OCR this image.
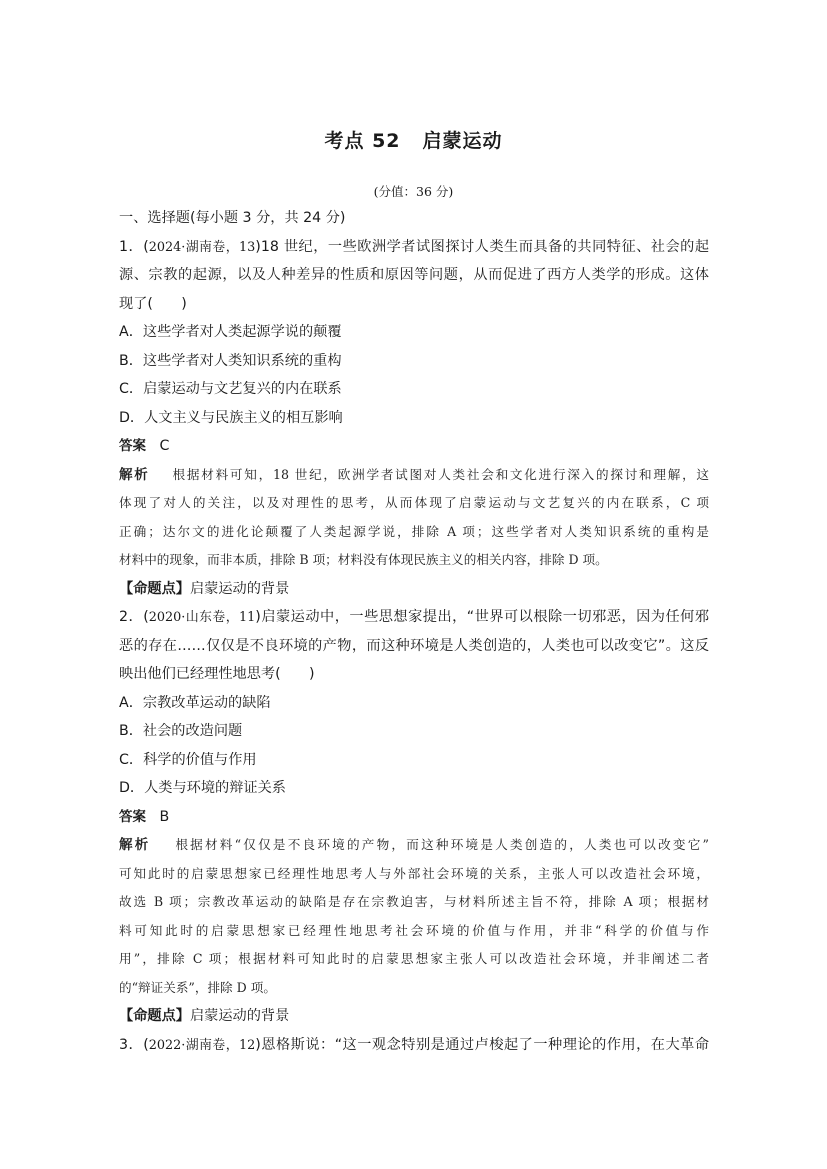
考点 52 启蒙运动
(分值：36 分)
一、选择题(每小题 3 分，共 24 分)
1．(2024·湖南卷，13)18 世纪，一些欧洲学者试图探讨人类生而具备的共同特征、社会的起
源、宗教的起源，以及人种差异的性质和原因等问题，从而促进了西方人类学的形成。这体
现了(　　)
A．这些学者对人类起源学说的颠覆
B．这些学者对人类知识系统的重构
C．启蒙运动与文艺复兴的内在联系
D．人文主义与民族主义的相互影响
答案 C
解析 根据材料可知，18 世纪，欧洲学者试图对人类社会和文化进行深入的探讨和理解，这
体现了对人的关注，以及对理性的思考，从而体现了启蒙运动与文艺复兴的内在联系，C 项
正确；达尔文的进化论颠覆了人类起源学说，排除 A 项；这些学者对人类知识系统的重构是
材料中的现象，而非本质，排除 B 项；材料没有体现民族主义的相关内容，排除 D 项。
【命题点】启蒙运动的背景
2．(2020·山东卷，11)启蒙运动中，一些思想家提出，“世界可以根除一切邪恶，因为任何邪
恶的存在……仅仅是不良环境的产物，而这种环境是人类创造的，人类也可以改变它”。这反
映出他们已经理性地思考(　　)
A．宗教改革运动的缺陷
B．社会的改造问题
C．科学的价值与作用
D．人类与环境的辩证关系
答案 B
解析 根据材料“仅仅是不良环境的产物，而这种环境是人类创造的，人类也可以改变它”
可知此时的启蒙思想家已经理性地思考人与外部社会环境的关系，主张人可以改造社会环境，
故选 B 项；宗教改革运动的缺陷是存在宗教迫害，与材料所述主旨不符，排除 A 项；根据材
料可知此时的启蒙思想家已经理性地思考社会环境的价值与作用，并非“科学的价值与作
用”，排除 C 项；根据材料可知此时的启蒙思想家主张人可以改造社会环境，并非阐述二者
的“辩证关系”，排除 D 项。
【命题点】启蒙运动的背景
3．(2022·湖南卷，12)恩格斯说：“这一观念特别是通过卢梭起了一种理论的作用，在大革命
